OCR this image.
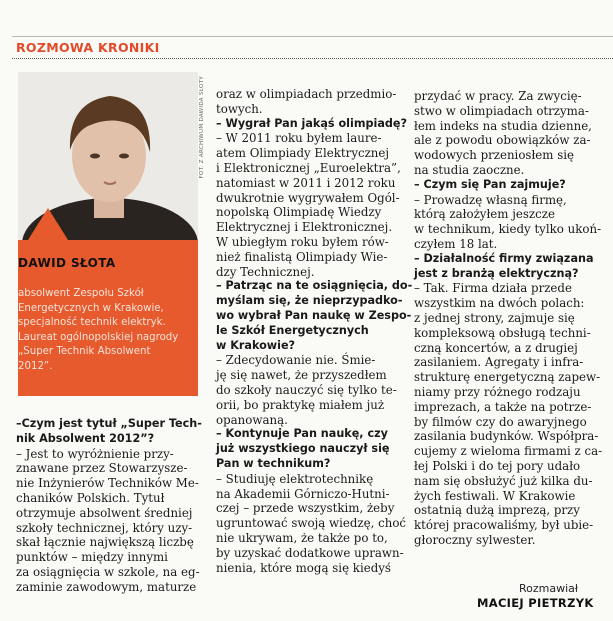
ROZMOWA KRONIKI
DAWID SŁOTA
absolwent Zespołu Szkół
Energetycznych w Krakowie,
specjalność technik elektryk.
Laureat ogólnopolskiej nagrody
„Super Technik Absolwent
2012”.
FOT. Z ARCHIWUM DAWIDA SŁOTY
–Czym jest tytuł „Super Tech-
nik Absolwent 2012”?
– Jest to wyróżnienie przy-
znawane przez Stowarzysze-
nie Inżynierów Techników Me-
chaników Polskich. Tytuł
otrzymuje absolwent średniej
szkoły technicznej, który uzy-
skał łącznie największą liczbę
punktów – między innymi
za osiągnięcia w szkole, na eg-
zaminie zawodowym, maturze
oraz w olimpiadach przedmio-
towych.
– Wygrał Pan jakąś olimpiadę?
– W 2011 roku byłem laure-
atem Olimpiady Elektrycznej
i Elektronicznej „Euroelektra”,
natomiast w 2011 i 2012 roku
dwukrotnie wygrywałem Ogól-
nopolską Olimpiadę Wiedzy
Elektrycznej i Elektronicznej.
W ubiegłym roku byłem rów-
nież finalistą Olimpiady Wie-
dzy Technicznej.
– Patrząc na te osiągnięcia, do-
myślam się, że nieprzypadko-
wo wybrał Pan naukę w Zespo-
le Szkół Energetycznych
w Krakowie?
– Zdecydowanie nie. Śmie-
ję się nawet, że przyszedłem
do szkoły nauczyć się tylko te-
orii, bo praktykę miałem już
opanowaną.
– Kontynuje Pan naukę, czy
już wszystkiego nauczył się
Pan w technikum?
– Studiuję elektrotechnikę
na Akademii Górniczo-Hutni-
czej – przede wszystkim, żeby
ugruntować swoją wiedzę, choć
nie ukrywam, że także po to,
by uzyskać dodatkowe uprawn-
nienia, które mogą się kiedyś
przydać w pracy. Za zwycię-
stwo w olimpiadach otrzyma-
łem indeks na studia dzienne,
ale z powodu obowiązków za-
wodowych przeniosłem się
na studia zaoczne.
– Czym się Pan zajmuje?
– Prowadzę własną firmę,
którą założyłem jeszcze
w technikum, kiedy tylko ukoń-
czyłem 18 lat.
– Działalność firmy związana
jest z branżą elektryczną?
– Tak. Firma działa przede
wszystkim na dwóch polach:
z jednej strony, zajmuje się
kompleksową obsługą techni-
czną koncertów, a z drugiej
zasilaniem. Agregaty i infra-
strukturę energetyczną zapew-
niamy przy różnego rodzaju
imprezach, a także na potrze-
by filmów czy do awaryjnego
zasilania budynków. Współpra-
cujemy z wieloma firmami z ca-
łej Polski i do tej pory udało
nam się obsłużyć już kilka du-
żych festiwali. W Krakowie
ostatnią dużą imprezą, przy
której pracowaliśmy, był ubie-
głoroczny sylwester.
Rozmawiał
MACIEJ PIETRZYK
